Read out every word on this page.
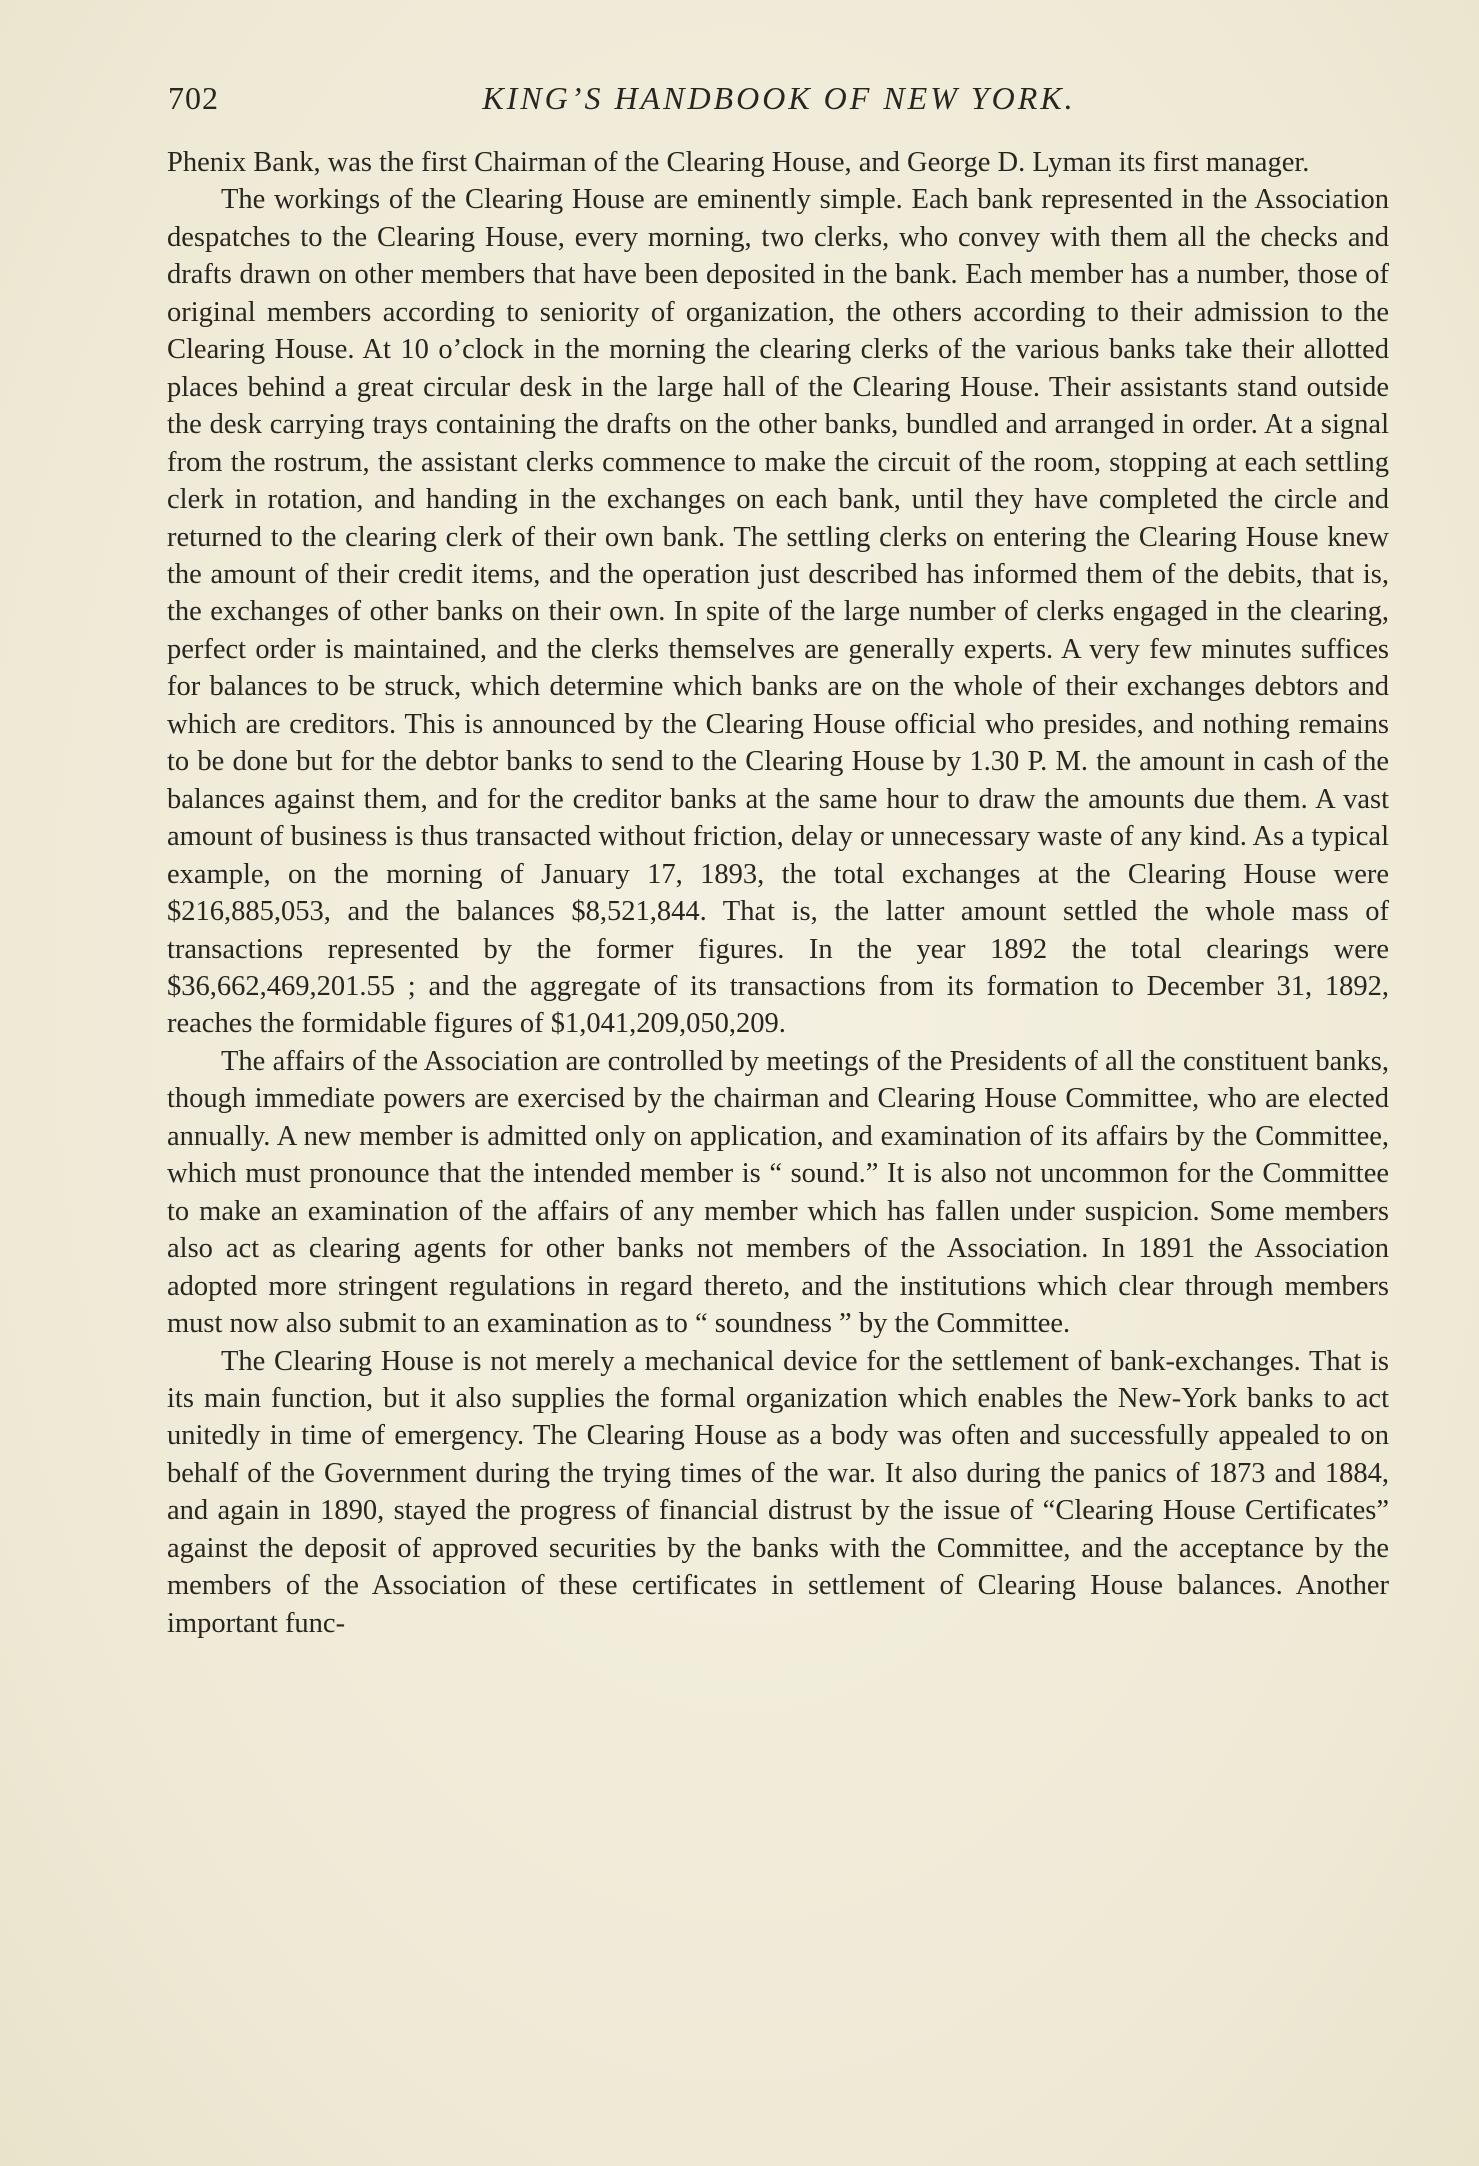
702	KING’S HANDBOOK OF NEW YORK.

Phenix Bank, was the first Chairman of the Clearing House, and George D. Lyman its first manager.

The workings of the Clearing House are eminently simple. Each bank represented in the Association despatches to the Clearing House, every morning, two clerks, who convey with them all the checks and drafts drawn on other members that have been deposited in the bank. Each member has a number, those of original members according to seniority of organization, the others according to their admission to the Clearing House. At 10 o’clock in the morning the clearing clerks of the various banks take their allotted places behind a great circular desk in the large hall of the Clearing House. Their assistants stand outside the desk carrying trays containing the drafts on the other banks, bundled and arranged in order. At a signal from the rostrum, the assistant clerks commence to make the circuit of the room, stopping at each settling clerk in rotation, and handing in the exchanges on each bank, until they have completed the circle and returned to the clearing clerk of their own bank. The settling clerks on entering the Clearing House knew the amount of their credit items, and the operation just described has informed them of the debits, that is, the exchanges of other banks on their own. In spite of the large number of clerks engaged in the clearing, perfect order is maintained, and the clerks themselves are generally experts. A very few minutes suffices for balances to be struck, which determine which banks are on the whole of their exchanges debtors and which are creditors. This is announced by the Clearing House official who presides, and nothing remains to be done but for the debtor banks to send to the Clearing House by 1.30 P. M. the amount in cash of the balances against them, and for the creditor banks at the same hour to draw the amounts due them. A vast amount of business is thus transacted without friction, delay or unnecessary waste of any kind. As a typical example, on the morning of January 17, 1893, the total exchanges at the Clearing House were $216,885,053, and the balances $8,521,844. That is, the latter amount settled the whole mass of transactions represented by the former figures. In the year 1892 the total clearings were $36,662,469,201.55 ; and the aggregate of its transactions from its formation to December 31, 1892, reaches the formidable figures of $1,041,209,050,209.

The affairs of the Association are controlled by meetings of the Presidents of all the constituent banks, though immediate powers are exercised by the chairman and Clearing House Committee, who are elected annually. A new member is admitted only on application, and examination of its affairs by the Committee, which must pronounce that the intended member is “ sound.” It is also not uncommon for the Committee to make an examination of the affairs of any member which has fallen under suspicion. Some members also act as clearing agents for other banks not members of the Association. In 1891 the Association adopted more stringent regulations in regard thereto, and the institutions which clear through members must now also submit to an examination as to “ soundness ” by the Committee.

The Clearing House is not merely a mechanical device for the settlement of bank-exchanges. That is its main function, but it also supplies the formal organization which enables the New-York banks to act unitedly in time of emergency. The Clearing House as a body was often and successfully appealed to on behalf of the Government during the trying times of the war. It also during the panics of 1873 and 1884, and again in 1890, stayed the progress of financial distrust by the issue of “Clearing House Certificates” against the deposit of approved securities by the banks with the Committee, and the acceptance by the members of the Association of these certificates in settlement of Clearing House balances. Another important func-
